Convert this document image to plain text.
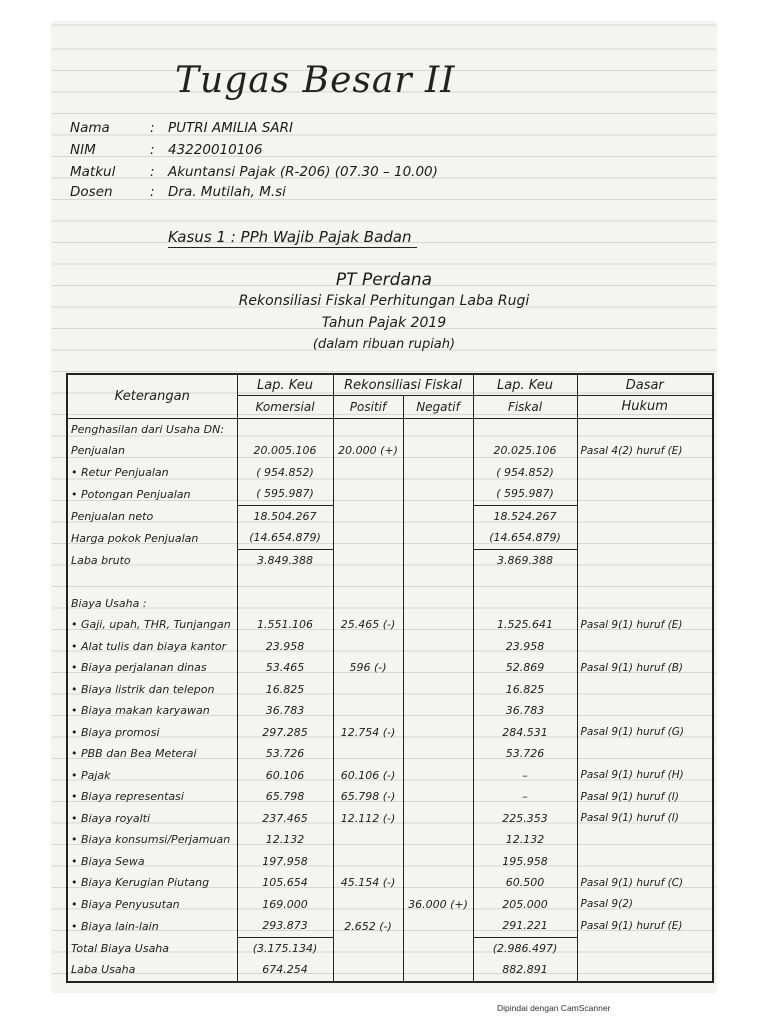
Tugas Besar II
Nama	: PUTRI AMILIA SARI
NIM	: 43220010106
Matkul	: Akuntansi Pajak (R-206) (07.30 – 10.00)
Dosen	: Dra. Mutilah, M.si
Kasus 1 : PPh Wajib Pajak Badan
PT Perdana
Rekonsiliasi Fiskal Perhitungan Laba Rugi
Tahun Pajak 2019
(dalam ribuan rupiah)
Keterangan	Lap. Keu	Rekonsiliasi Fiskal		Lap. Keu	Dasar
	Komersial	Positif	Negatif	Fiskal	Hukum
Penghasilan dari Usaha DN:					
Penjualan	20.005.106	20.000 (+)		20.025.106	Pasal 4(2) huruf (E)
• Retur Penjualan	( 954.852)			( 954.852)	
• Potongan Penjualan	( 595.987)			( 595.987)	
Penjualan neto	18.504.267			18.524.267	
Harga pokok Penjualan	(14.654.879)			(14.654.879)	
Laba bruto	3.849.388			3.869.388	

Biaya Usaha :					
• Gaji, upah, THR, Tunjangan	1.551.106	25.465 (-)		1.525.641	Pasal 9(1) huruf (E)
• Alat tulis dan biaya kantor	23.958			23.958	
• Biaya perjalanan dinas	53.465	596 (-)		52.869	Pasal 9(1) huruf (B)
• Biaya listrik dan telepon	16.825			16.825	
• Biaya makan karyawan	36.783			36.783	
• Biaya promosi	297.285	12.754 (-)		284.531	Pasal 9(1) huruf (G)
• PBB dan Bea Meterai	53.726			53.726	
• Pajak	60.106	60.106 (-)		–	Pasal 9(1) huruf (H)
• Biaya representasi	65.798	65.798 (-)		–	Pasal 9(1) huruf (I)
• Biaya royalti	237.465	12.112 (-)		225.353	Pasal 9(1) huruf (I)
• Biaya konsumsi/Perjamuan	12.132			12.132	
• Biaya Sewa	197.958			195.958	
• Biaya Kerugian Piutang	105.654	45.154 (-)		60.500	Pasal 9(1) huruf (C)
• Biaya Penyusutan	169.000		36.000 (+)	205.000	Pasal 9(2)
• Biaya lain-lain	293.873	2.652 (-)		291.221	Pasal 9(1) huruf (E)
Total Biaya Usaha	(3.175.134)			(2.986.497)	
Laba Usaha	674.254			882.891	
Dipindai dengan CamScanner
